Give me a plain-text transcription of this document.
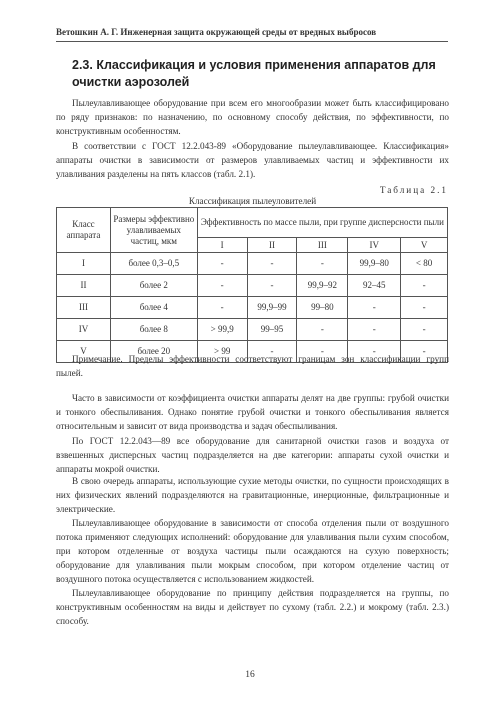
Ветошкин А. Г. Инженерная защита окружающей среды от вредных выбросов
2.3. Классификация и условия применения аппаратов для очистки аэрозолей

Пылеулавливающее оборудование при всем его многообразии может быть классифицировано по ряду признаков: по назначению, по основному способу действия, по эффективности, по конструктивным особенностям.

В соответствии с ГОСТ 12.2.043-89 «Оборудование пылеулавливающее. Классификация» аппараты очистки в зависимости от размеров улавливаемых частиц и эффективности их улавливания разделены на пять классов (табл. 2.1).

Таблица 2.1
Классификация пылеуловителей
Класс аппарата	Размеры эффективно улавливаемых частиц, мкм	Эффективность по массе пыли, при группе дисперсности пыли				
		I	II	III	IV	V
I	более 0,3–0,5	-	-	-	99,9–80	< 80
II	более 2	-	-	99,9–92	92–45	-
III	более 4	-	99,9–99	99–80	-	-
IV	более 8	> 99,9	99–95	-	-	-
V	более 20	> 99	-	-	-	-

Примечание. Пределы эффективности соответствуют границам зон классификации групп пылей.

Часто в зависимости от коэффициента очистки аппараты делят на две группы: грубой очистки и тонкого обеспыливания. Однако понятие грубой очистки и тонкого обеспыливания является относительным и зависит от вида производства и задач обеспыливания.

По ГОСТ 12.2.043—89 все оборудование для санитарной очистки газов и воздуха от взвешенных дисперсных частиц подразделяется на две категории: аппараты сухой очистки и аппараты мокрой очистки.

В свою очередь аппараты, использующие сухие методы очистки, по сущности происходящих в них физических явлений подразделяются на гравитационные, инерционные, фильтрационные и электрические.

Пылеулавливающее оборудование в зависимости от способа отделения пыли от воздушного потока применяют следующих исполнений: оборудование для улавливания пыли сухим способом, при котором отделенные от воздуха частицы пыли осаждаются на сухую поверхность; оборудование для улавливания пыли мокрым способом, при котором отделение частиц от воздушного потока осуществляется с использованием жидкостей.

Пылеулавливающее оборудование по принципу действия подразделяется на группы, по конструктивным особенностям на виды и действует по сухому (табл. 2.2.) и мокрому (табл. 2.3.) способу.

16
